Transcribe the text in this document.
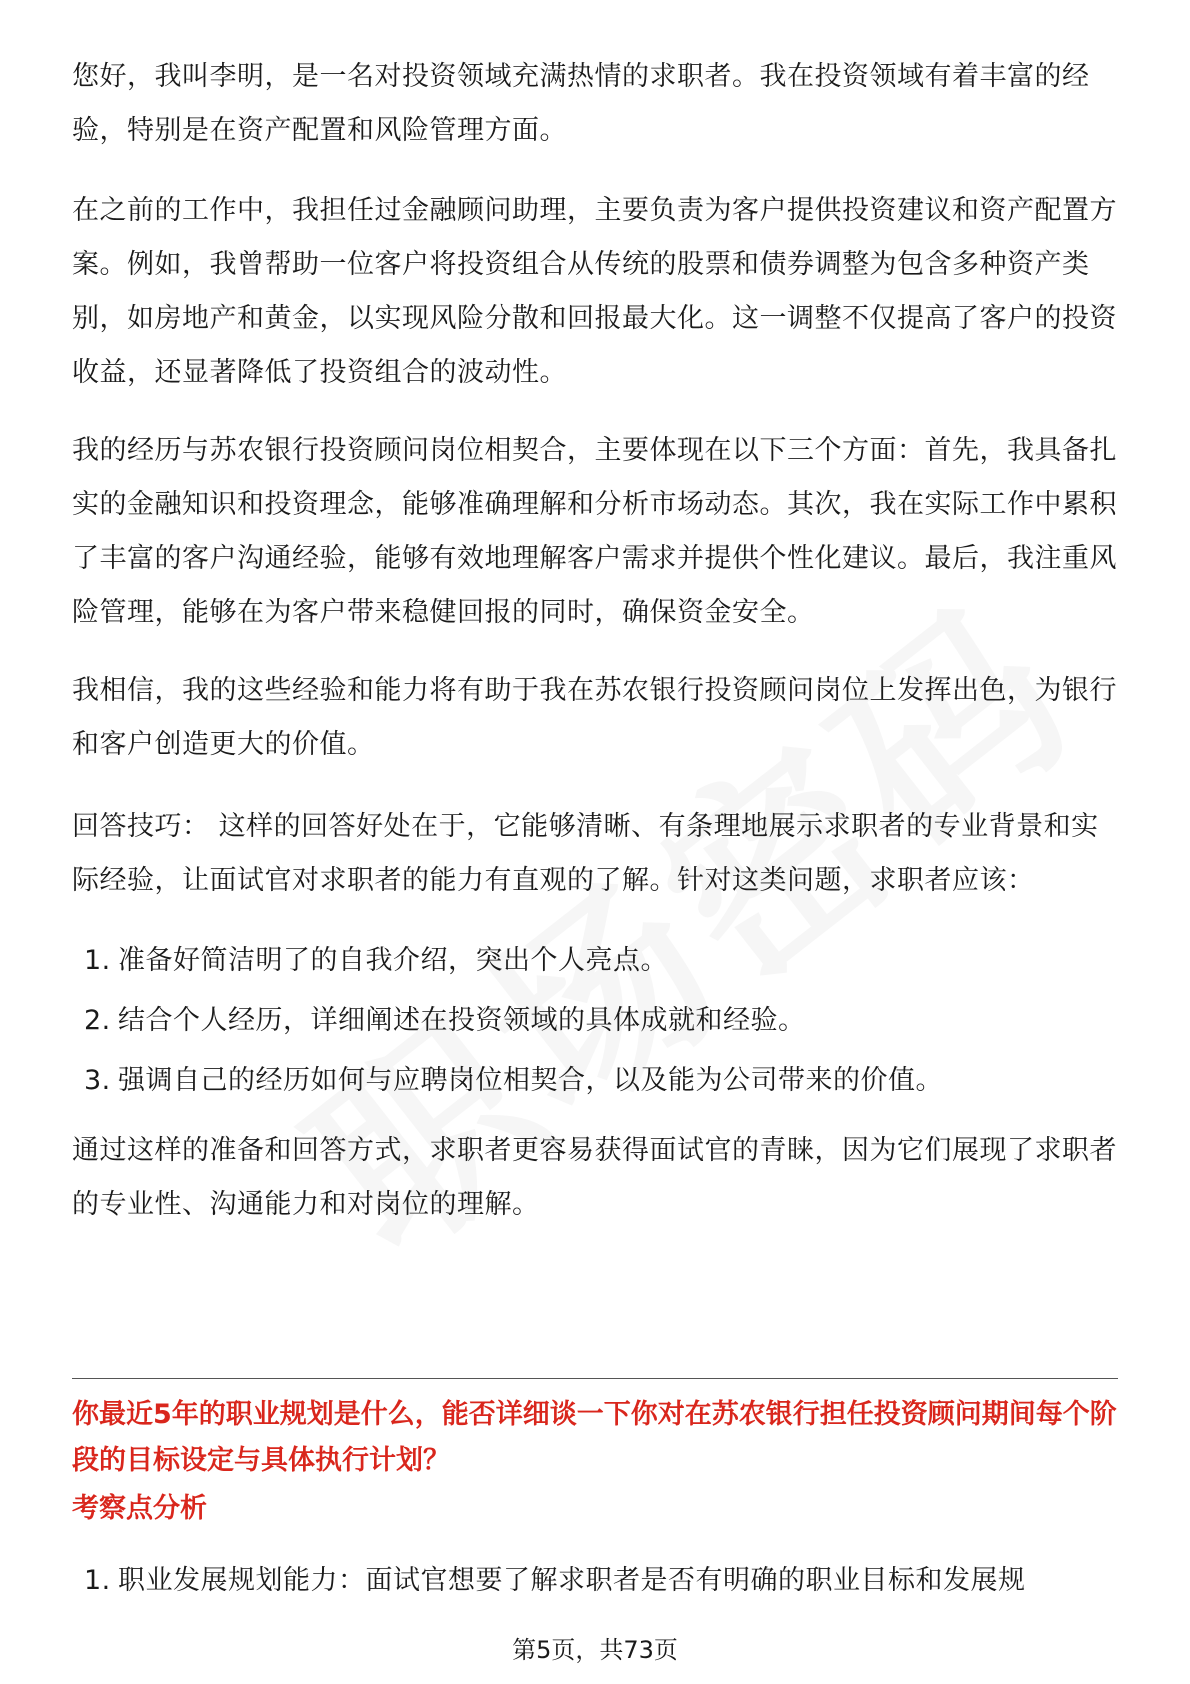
您好，我叫李明，是一名对投资领域充满热情的求职者。我在投资领域有着丰富的经验，特别是在资产配置和风险管理方面。

在之前的工作中，我担任过金融顾问助理，主要负责为客户提供投资建议和资产配置方案。例如，我曾帮助一位客户将投资组合从传统的股票和债券调整为包含多种资产类别，如房地产和黄金，以实现风险分散和回报最大化。这一调整不仅提高了客户的投资收益，还显著降低了投资组合的波动性。

我的经历与苏农银行投资顾问岗位相契合，主要体现在以下三个方面：首先，我具备扎实的金融知识和投资理念，能够准确理解和分析市场动态。其次，我在实际工作中累积了丰富的客户沟通经验，能够有效地理解客户需求并提供个性化建议。最后，我注重风险管理，能够在为客户带来稳健回报的同时，确保资金安全。

我相信，我的这些经验和能力将有助于我在苏农银行投资顾问岗位上发挥出色，为银行和客户创造更大的价值。

回答技巧： 这样的回答好处在于，它能够清晰、有条理地展示求职者的专业背景和实际经验，让面试官对求职者的能力有直观的了解。针对这类问题，求职者应该：

1. 准备好简洁明了的自我介绍，突出个人亮点。
2. 结合个人经历，详细阐述在投资领域的具体成就和经验。
3. 强调自己的经历如何与应聘岗位相契合，以及能为公司带来的价值。

通过这样的准备和回答方式，求职者更容易获得面试官的青睐，因为它们展现了求职者的专业性、沟通能力和对岗位的理解。

你最近5年的职业规划是什么，能否详细谈一下你对在苏农银行担任投资顾问期间每个阶段的目标设定与具体执行计划？

考察点分析

1. 职业发展规划能力：面试官想要了解求职者是否有明确的职业目标和发展规
第5页，共73页
